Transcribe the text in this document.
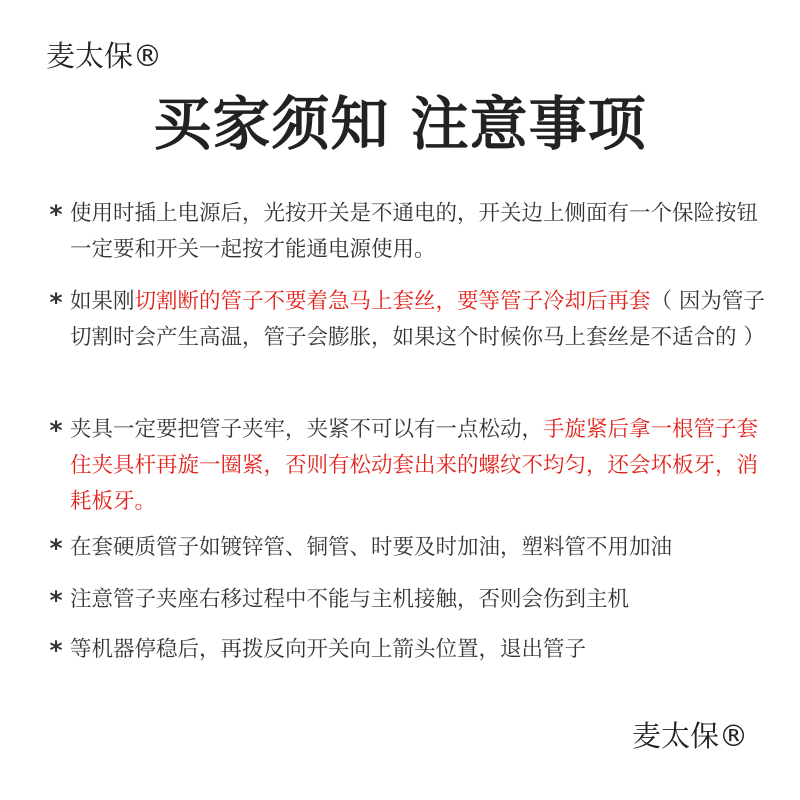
麦太保®
买家须知 注意事项
* 使用时插上电源后，光按开关是不通电的，开关边上侧面有一个保险按钮一定要和开关一起按才能通电源使用。
* 如果刚切割断的管子不要着急马上套丝，要等管子冷却后再套（ 因为管子切割时会产生高温，管子会膨胀，如果这个时候你马上套丝是不适合的 ）
* 夹具一定要把管子夹牢，夹紧不可以有一点松动，手旋紧后拿一根管子套住夹具杆再旋一圈紧，否则有松动套出来的螺纹不均匀，还会坏板牙，消耗板牙。
* 在套硬质管子如镀锌管、铜管、时要及时加油，塑料管不用加油
* 注意管子夹座右移过程中不能与主机接触，否则会伤到主机
* 等机器停稳后，再拨反向开关向上箭头位置，退出管子
麦太保®
